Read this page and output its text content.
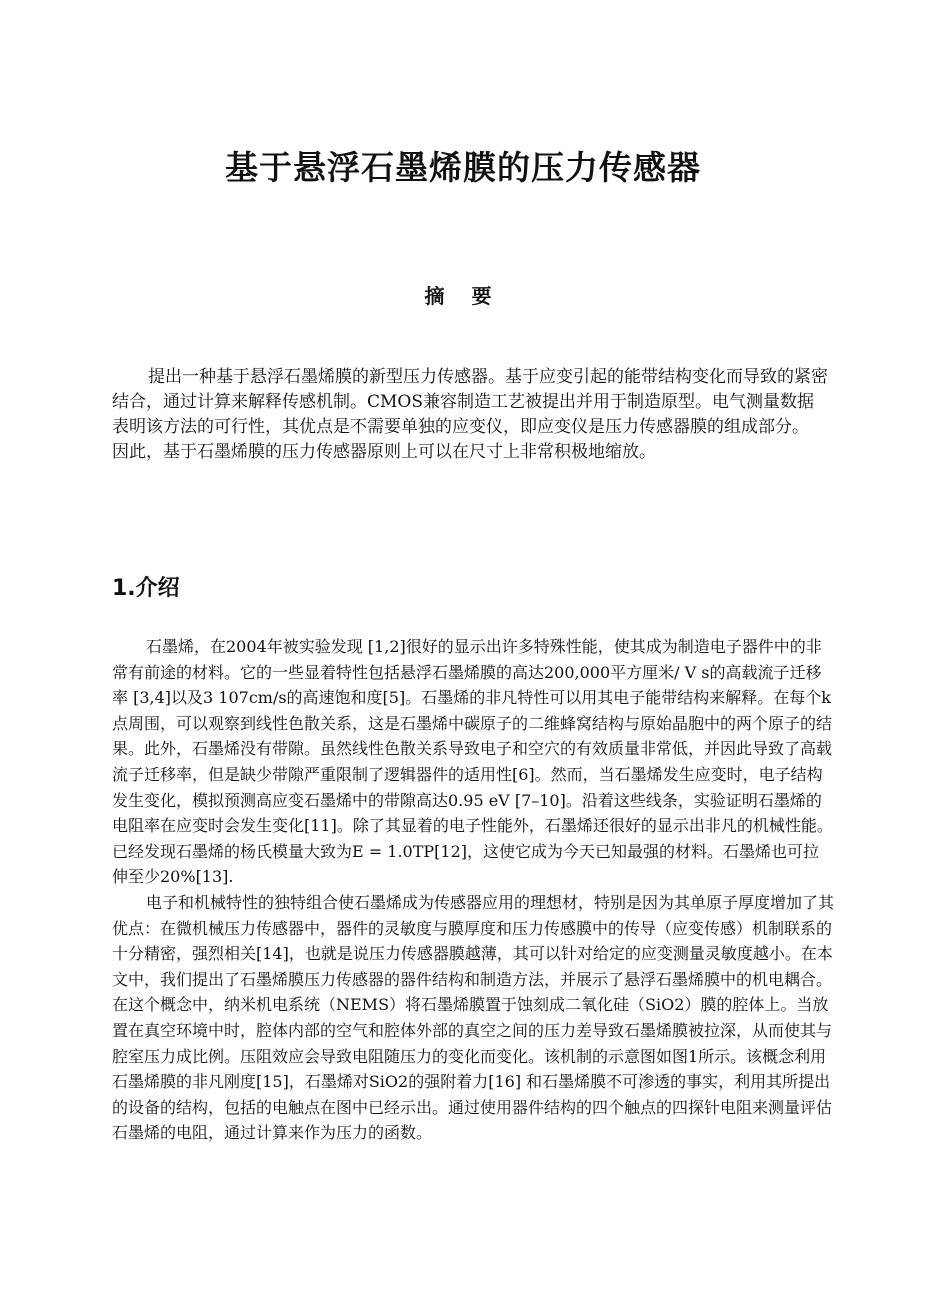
基于悬浮石墨烯膜的压力传感器
摘 要

提出一种基于悬浮石墨烯膜的新型压力传感器。基于应变引起的能带结构变化而导致的紧密结合，通过计算来解释传感机制。CMOS兼容制造工艺被提出并用于制造原型。电气测量数据表明该方法的可行性，其优点是不需要单独的应变仪，即应变仪是压力传感器膜的组成部分。 因此，基于石墨烯膜的压力传感器原则上可以在尺寸上非常积极地缩放。

1.介绍

石墨烯，在2004年被实验发现 [1,2]很好的显示出许多特殊性能，使其成为制造电子器件中的非常有前途的材料。它的一些显着特性包括悬浮石墨烯膜的高达200,000平方厘米/ V s的高载流子迁移率 [3,4]以及3 107cm/s的高速饱和度[5]。石墨烯的非凡特性可以用其电子能带结构来解释。在每个k点周围，可以观察到线性色散关系，这是石墨烯中碳原子的二维蜂窝结构与原始晶胞中的两个原子的结果。此外，石墨烯没有带隙。虽然线性色散关系导致电子和空穴的有效质量非常低，并因此导致了高载流子迁移率，但是缺少带隙严重限制了逻辑器件的适用性[6]。然而，当石墨烯发生应变时，电子结构发生变化，模拟预测高应变石墨烯中的带隙高达0.95 eV [7–10]。沿着这些线条，实验证明石墨烯的电阻率在应变时会发生变化[11]。除了其显着的电子性能外，石墨烯还很好的显示出非凡的机械性能。已经发现石墨烯的杨氏模量大致为E = 1.0TP[12]，这使它成为今天已知最强的材料。石墨烯也可拉伸至少20%[13].

电子和机械特性的独特组合使石墨烯成为传感器应用的理想材，特别是因为其单原子厚度增加了其优点：在微机械压力传感器中，器件的灵敏度与膜厚度和压力传感膜中的传导（应变传感）机制联系的十分精密，强烈相关[14]，也就是说压力传感器膜越薄，其可以针对给定的应变测量灵敏度越小。在本文中，我们提出了石墨烯膜压力传感器的器件结构和制造方法，并展示了悬浮石墨烯膜中的机电耦合。在这个概念中，纳米机电系统（NEMS）将石墨烯膜置于蚀刻成二氧化硅（SiO2）膜的腔体上。当放置在真空环境中时，腔体内部的空气和腔体外部的真空之间的压力差导致石墨烯膜被拉深，从而使其与腔室压力成比例。压阻效应会导致电阻随压力的变化而变化。该机制的示意图如图1所示。该概念利用石墨烯膜的非凡刚度[15]，石墨烯对SiO2的强附着力[16] 和石墨烯膜不可渗透的事实，利用其所提出的设备的结构，包括的电触点在图中已经示出。通过使用器件结构的四个触点的四探针电阻来测量评估石墨烯的电阻，通过计算来作为压力的函数。
